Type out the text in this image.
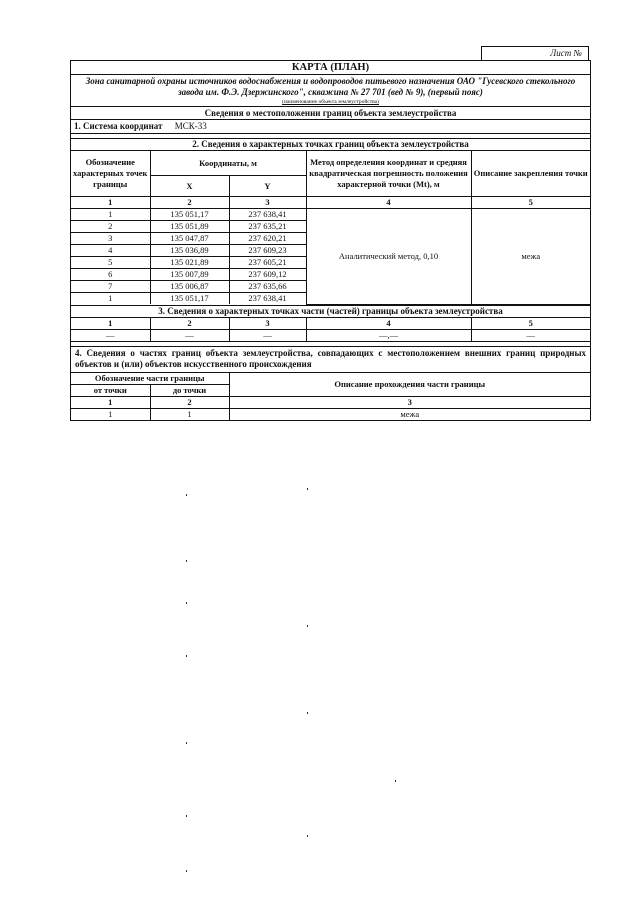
Лист №
КАРТА (ПЛАН)
Зона санитарной охраны источников водоснабжения и водопроводов питьевого назначения ОАО "Гусевского стекольного завода им. Ф.Э. Дзержинского", скважина № 27 701 (вед № 9), (первый пояс)
(наименование объекта землеустройства)
Сведения о местоположении границ объекта землеустройства
1. Система координат МСК-33
2. Сведения о характерных точках границ объекта землеустройства
Обозначение характерных точек границы	Координаты, м		Метод определения координат и средняя квадратическая погрешность положения характерной точки (Mt), м	Описание закрепления точки
	X	Y		
1	2	3	4	5
1	135 051,17	237 638,41	Аналитический метод, 0,10	межа
2	135 051,89	237 635,21		
3	135 047,87	237 620,21		
4	135 036,89	237 609,23		
5	135 021,89	237 605,21		
6	135 007,89	237 609,12		
7	135 006,87	237 635,66		
1	135 051,17	237 638,41		
3. Сведения о характерных точках части (частей) границы объекта землеустройства
1	2	3	4	5
—	—	—	—,—	—
4. Сведения о частях границ объекта землеустройства, совпадающих с местоположением внешних границ природных объектов и (или) объектов искусственного происхождения
Обозначение части границы		Описание прохождения части границы
от точки	до точки	
1	2	3
1	1	межа
